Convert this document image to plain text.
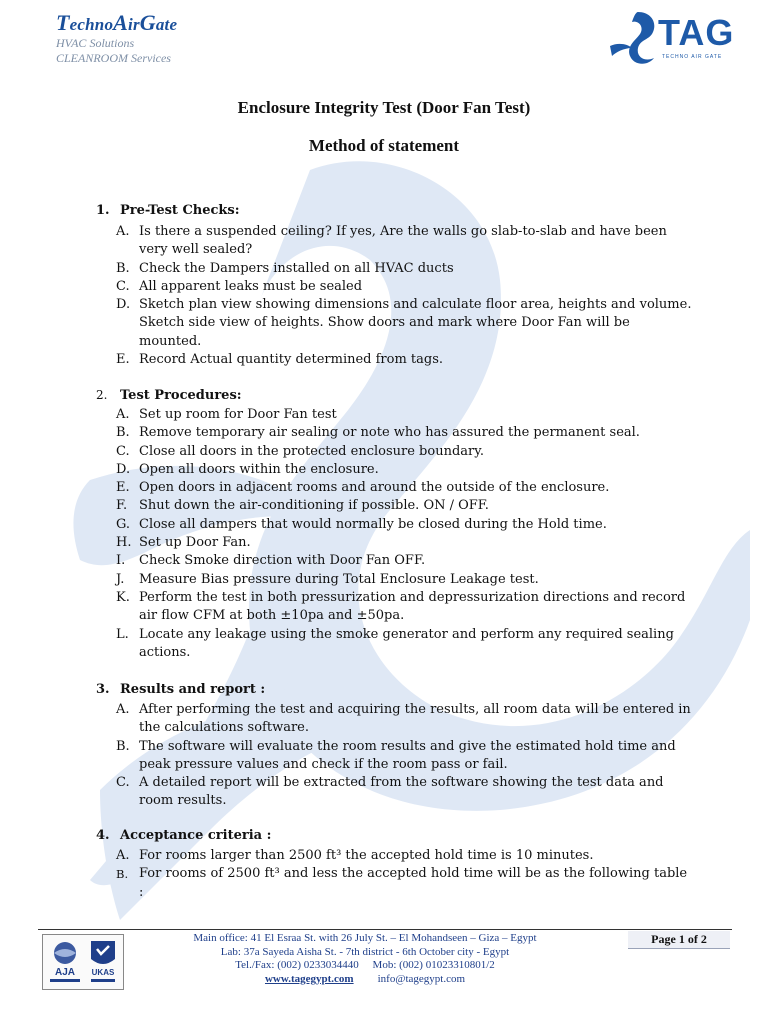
TechnoAirGate
HVAC Solutions
CLEANROOM Services
TAG
TECHNO AIR GATE
Enclosure Integrity Test (Door Fan Test)
Method of statement
1. Pre-Test Checks:
A. Is there a suspended ceiling? If yes, Are the walls go slab-to-slab and have been very well sealed?
B. Check the Dampers installed on all HVAC ducts
C. All apparent leaks must be sealed
D. Sketch plan view showing dimensions and calculate floor area, heights and volume. Sketch side view of heights. Show doors and mark where Door Fan will be mounted.
E. Record Actual quantity determined from tags.
2. Test Procedures:
A. Set up room for Door Fan test
B. Remove temporary air sealing or note who has assured the permanent seal.
C. Close all doors in the protected enclosure boundary.
D. Open all doors within the enclosure.
E. Open doors in adjacent rooms and around the outside of the enclosure.
F. Shut down the air-conditioning if possible. ON / OFF.
G. Close all dampers that would normally be closed during the Hold time.
H. Set up Door Fan.
I.	Check Smoke direction with Door Fan OFF.
J.	Measure Bias pressure during Total Enclosure Leakage test.
K. Perform the test in both pressurization and depressurization directions and record air flow CFM at both ±10pa and ±50pa.
L. Locate any leakage using the smoke generator and perform any required sealing actions.
3. Results and report :
A. After performing the test and acquiring the results, all room data will be entered in the calculations software.
B. The software will evaluate the room results and give the estimated hold time and peak pressure values and check if the room pass or fail.
C. A detailed report will be extracted from the software showing the test data and room results.
4. Acceptance criteria :
A. For rooms larger than 2500 ft³ the accepted hold time is 10 minutes.
B. For rooms of 2500 ft³ and less the accepted hold time will be as the following table :
AJA UKAS
Main office: 41 El Esraa St. with 26 July St. – El Mohandseen – Giza – Egypt
Lab: 37a Sayeda Aisha St. - 7th district - 6th October city - Egypt
Tel./Fax: (002) 0233034440     Mob: (002) 01023310801/2
www.tagegypt.com info@tagegypt.com
Page 1 of 2
